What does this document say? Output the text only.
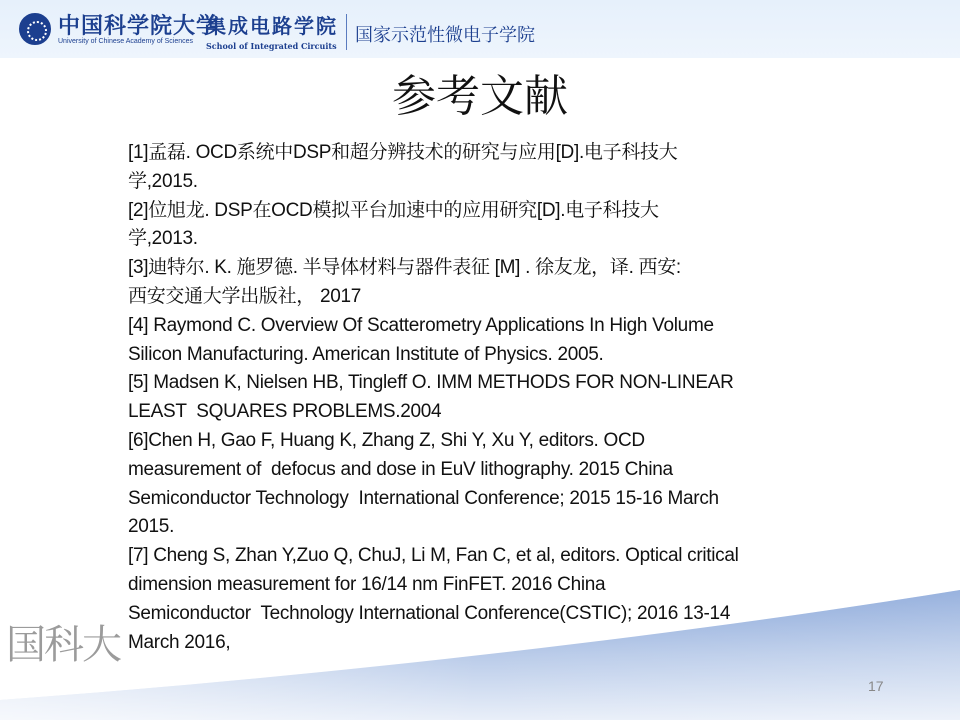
中国科学院大学
University of Chinese Academy of Sciences
集成电路学院
School of Integrated Circuits
国家示范性微电子学院
参考文献
[1]孟磊. OCD系统中DSP和超分辨技术的研究与应用[D].电子科技大
学,2015.
[2]位旭龙. DSP在OCD模拟平台加速中的应用研究[D].电子科技大
学,2013.
[3]迪特尔. K. 施罗德. 半导体材料与器件表征 [M] . 徐友龙，译. 西安:
西安交通大学出版社， 2017
[4] Raymond C. Overview Of Scatterometry Applications In High Volume
Silicon Manufacturing. American Institute of Physics. 2005.
[5] Madsen K, Nielsen HB, Tingleff O. IMM METHODS FOR NON-LINEAR
LEAST  SQUARES PROBLEMS.2004
[6]Chen H, Gao F, Huang K, Zhang Z, Shi Y, Xu Y, editors. OCD
measurement of  defocus and dose in EuV lithography. 2015 China
Semiconductor Technology  International Conference; 2015 15-16 March
2015.
[7] Cheng S, Zhan Y,Zuo Q, ChuJ, Li M, Fan C, et al, editors. Optical critical
dimension measurement for 16/14 nm FinFET. 2016 China
Semiconductor  Technology International Conference(CSTIC); 2016 13-14
March 2016,
国科大
17
